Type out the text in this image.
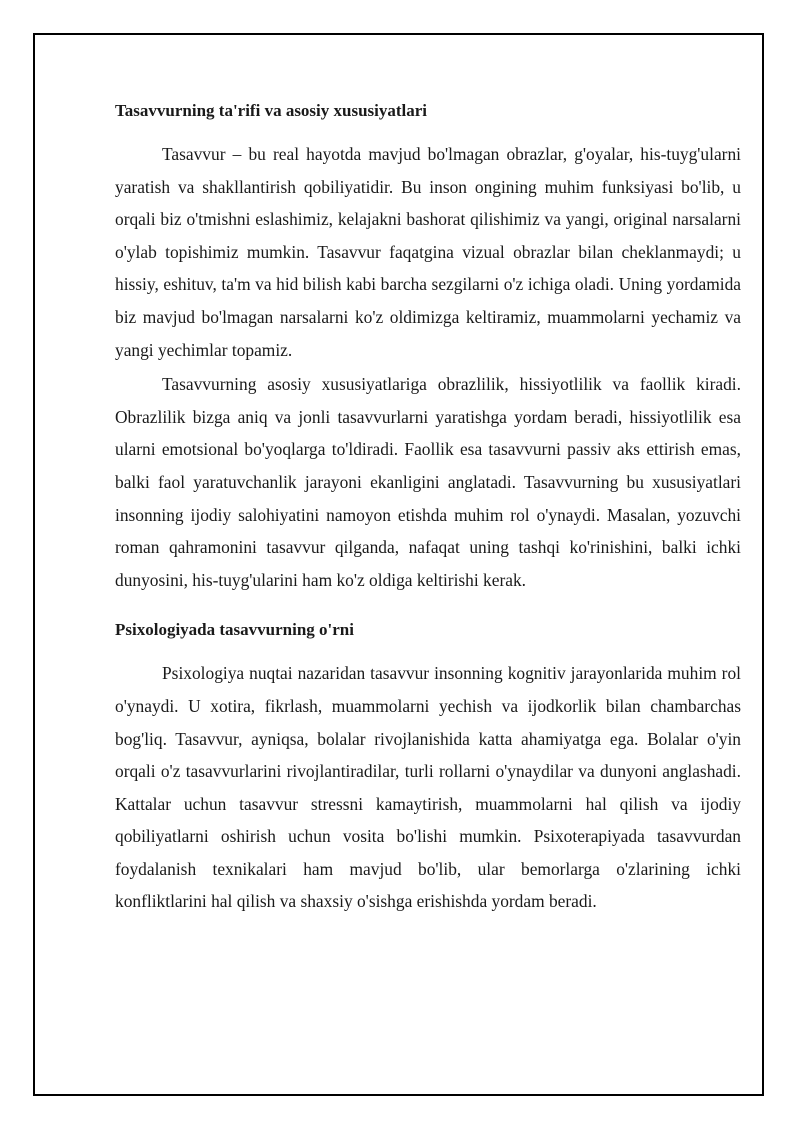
Tasavvurning ta'rifi va asosiy xususiyatlari

Tasavvur – bu real hayotda mavjud bo'lmagan obrazlar, g'oyalar, his-tuyg'ularni yaratish va shakllantirish qobiliyatidir. Bu inson ongining muhim funksiyasi bo'lib, u orqali biz o'tmishni eslashimiz, kelajakni bashorat qilishimiz va yangi, original narsalarni o'ylab topishimiz mumkin. Tasavvur faqatgina vizual obrazlar bilan cheklanmaydi; u hissiy, eshituv, ta'm va hid bilish kabi barcha sezgilarni o'z ichiga oladi. Uning yordamida biz mavjud bo'lmagan narsalarni ko'z oldimizga keltiramiz, muammolarni yechamiz va yangi yechimlar topamiz.

Tasavvurning asosiy xususiyatlariga obrazlilik, hissiyotlilik va faollik kiradi. Obrazlilik bizga aniq va jonli tasavvurlarni yaratishga yordam beradi, hissiyotlilik esa ularni emotsional bo'yoqlarga to'ldiradi. Faollik esa tasavvurni passiv aks ettirish emas, balki faol yaratuvchanlik jarayoni ekanligini anglatadi. Tasavvurning bu xususiyatlari insonning ijodiy salohiyatini namoyon etishda muhim rol o'ynaydi. Masalan, yozuvchi roman qahramonini tasavvur qilganda, nafaqat uning tashqi ko'rinishini, balki ichki dunyosini, his-tuyg'ularini ham ko'z oldiga keltirishi kerak.

Psixologiyada tasavvurning o'rni

Psixologiya nuqtai nazaridan tasavvur insonning kognitiv jarayonlarida muhim rol o'ynaydi. U xotira, fikrlash, muammolarni yechish va ijodkorlik bilan chambarchas bog'liq. Tasavvur, ayniqsa, bolalar rivojlanishida katta ahamiyatga ega. Bolalar o'yin orqali o'z tasavvurlarini rivojlantiradilar, turli rollarni o'ynaydilar va dunyoni anglashadi. Kattalar uchun tasavvur stressni kamaytirish, muammolarni hal qilish va ijodiy qobiliyatlarni oshirish uchun vosita bo'lishi mumkin. Psixoterapiyada tasavvurdan foydalanish texnikalari ham mavjud bo'lib, ular bemorlarga o'zlarining ichki konfliktlarini hal qilish va shaxsiy o'sishga erishishda yordam beradi.
